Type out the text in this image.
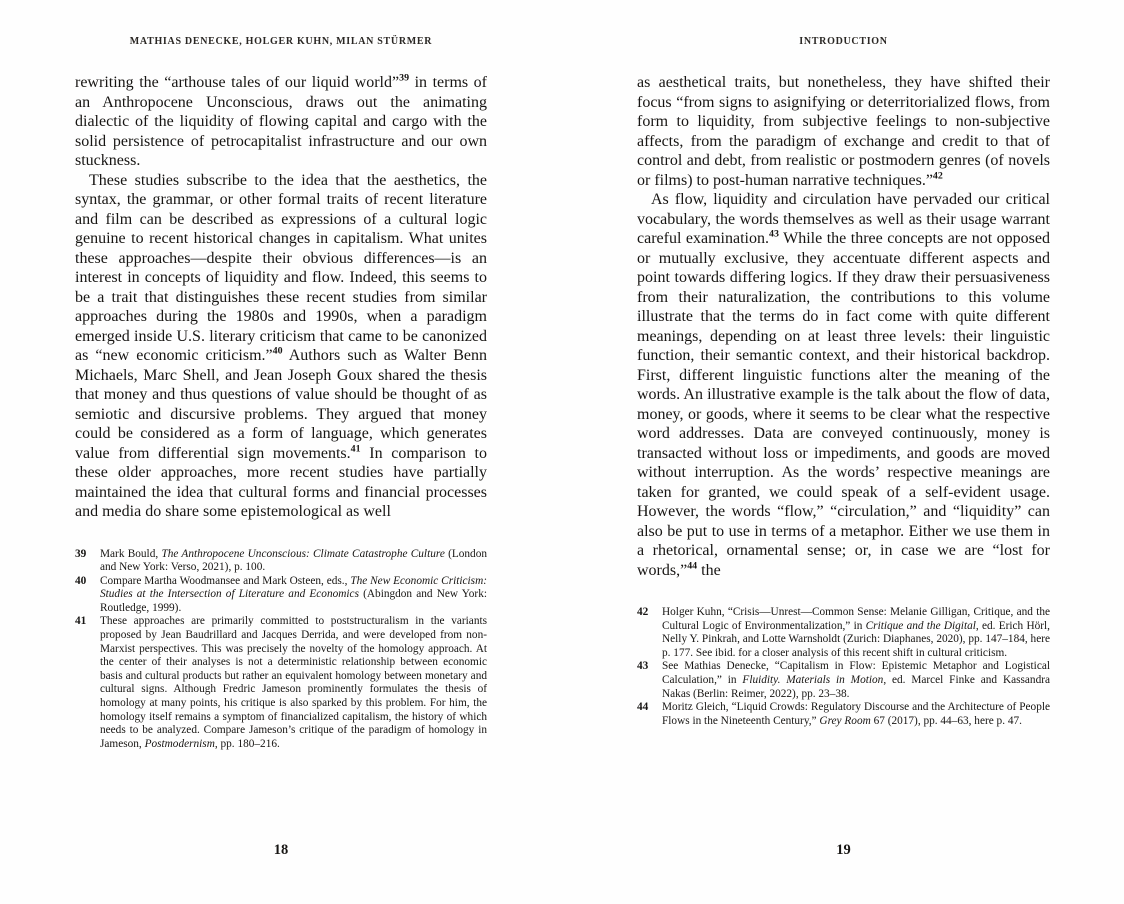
MATHIAS DENECKE, HOLGER KUHN, MILAN STÜRMER

rewriting the “arthouse tales of our liquid world”$^{39}$ in terms of an Anthropocene Unconscious, draws out the animating dialectic of the liquidity of flowing capital and cargo with the solid persistence of petrocapitalist infrastructure and our own stuckness.

These studies subscribe to the idea that the aesthetics, the syntax, the grammar, or other formal traits of recent literature and film can be described as expressions of a cultural logic genuine to recent historical changes in capitalism. What unites these approaches—despite their obvious differences—is an interest in concepts of liquidity and flow. Indeed, this seems to be a trait that distinguishes these recent studies from similar approaches during the 1980s and 1990s, when a paradigm emerged inside U.S. literary criticism that came to be canonized as “new economic criticism.”$^{40}$ Authors such as Walter Benn Michaels, Marc Shell, and Jean Joseph Goux shared the thesis that money and thus questions of value should be thought of as semiotic and discursive problems. They argued that money could be considered as a form of language, which generates value from differential sign movements.$^{41}$ In comparison to these older approaches, more recent studies have partially maintained the idea that cultural forms and financial processes and media do share some epistemological as well

39	Mark Bould, The Anthropocene Unconscious: Climate Catastrophe Culture (London and New York: Verso, 2021), p. 100.
40	Compare Martha Woodmansee and Mark Osteen, eds., The New Economic Criticism: Studies at the Intersection of Literature and Economics (Abingdon and New York: Routledge, 1999).
41	These approaches are primarily committed to poststructuralism in the variants proposed by Jean Baudrillard and Jacques Derrida, and were developed from non-Marxist perspectives. This was precisely the novelty of the homology approach. At the center of their analyses is not a deterministic relationship between economic basis and cultural products but rather an equivalent homology between monetary and cultural signs. Although Fredric Jameson prominently formulates the thesis of homology at many points, his critique is also sparked by this problem. For him, the homology itself remains a symptom of financialized capitalism, the history of which needs to be analyzed. Compare Jameson’s critique of the paradigm of homology in Jameson, Postmodernism, pp. 180–216.
18
INTRODUCTION

as aesthetical traits, but nonetheless, they have shifted their focus “from signs to asignifying or deterritorialized flows, from form to liquidity, from subjective feelings to non-subjective affects, from the paradigm of exchange and credit to that of control and debt, from realistic or postmodern genres (of novels or films) to post-human narrative techniques.”$^{42}$

As flow, liquidity and circulation have pervaded our critical vocabulary, the words themselves as well as their usage warrant careful examination.$^{43}$ While the three concepts are not opposed or mutually exclusive, they accentuate different aspects and point towards differing logics. If they draw their persuasiveness from their naturalization, the contributions to this volume illustrate that the terms do in fact come with quite different meanings, depending on at least three levels: their linguistic function, their semantic context, and their historical backdrop. First, different linguistic functions alter the meaning of the words. An illustrative example is the talk about the flow of data, money, or goods, where it seems to be clear what the respective word addresses. Data are conveyed continuously, money is transacted without loss or impediments, and goods are moved without interruption. As the words’ respective meanings are taken for granted, we could speak of a self-evident usage. However, the words “flow,” “circulation,” and “liquidity” can also be put to use in terms of a metaphor. Either we use them in a rhetorical, ornamental sense; or, in case we are “lost for words,”$^{44}$ the

42	Holger Kuhn, “Crisis—Unrest—Common Sense: Melanie Gilligan, Critique, and the Cultural Logic of Environmentalization,” in Critique and the Digital, ed. Erich Hörl, Nelly Y. Pinkrah, and Lotte Warnsholdt (Zurich: Diaphanes, 2020), pp. 147–184, here p. 177. See ibid. for a closer analysis of this recent shift in cultural criticism.
43	See Mathias Denecke, “Capitalism in Flow: Epistemic Metaphor and Logistical Calculation,” in Fluidity. Materials in Motion, ed. Marcel Finke and Kassandra Nakas (Berlin: Reimer, 2022), pp. 23–38.
44	Moritz Gleich, “Liquid Crowds: Regulatory Discourse and the Architecture of People Flows in the Nineteenth Century,” Grey Room 67 (2017), pp. 44–63, here p. 47.
19
